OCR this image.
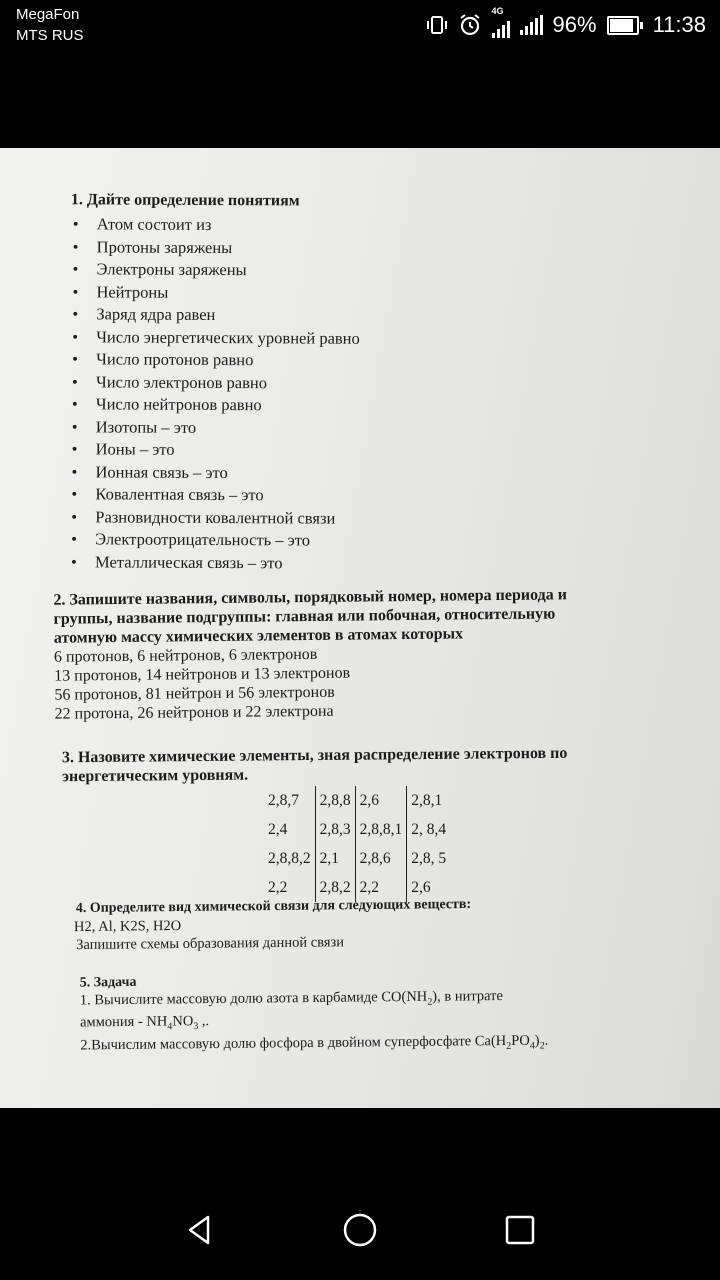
MegaFon
MTS RUS
4G
96%	11:38
1. Дайте определение понятиям
• Атом состоит из
• Протоны заряжены
• Электроны заряжены
• Нейтроны
• Заряд ядра равен
• Число энергетических уровней равно
• Число протонов равно
• Число электронов равно
• Число нейтронов равно
• Изотопы – это
• Ионы – это
• Ионная связь – это
• Ковалентная связь – это
• Разновидности ковалентной связи
• Электроотрицательность – это
• Металлическая связь – это
2. Запишите названия, символы, порядковый номер, номера периода и
группы, название подгруппы: главная или побочная, относительную
атомную массу химических элементов в атомах которых
6 протонов, 6 нейтронов, 6 электронов
13 протонов, 14 нейтронов и 13 электронов
56 протонов, 81 нейтрон и 56 электронов
22 протона, 26 нейтронов и 22 электрона
3. Назовите химические элементы, зная распределение электронов по
энергетическим уровням.
2,8,7	2,8,8	2,6	2,8,1
2,4	2,8,3	2,8,8,1	2, 8,4
2,8,8,2	2,1	2,8,6	2,8, 5
2,2	2,8,2	2,2	2,6
4. Определите вид химической связи для следующих веществ:
H2, Al, K2S, H2O
Запишите схемы образования данной связи
5. Задача
1. Вычислите массовую долю азота в карбамиде $CO(NH_2)$, в нитрате
аммония - $NH_4NO_3$ ,.
2.Вычислим массовую долю фосфора в двойном суперфосфате $Ca(H_2PO_4)_2$.
